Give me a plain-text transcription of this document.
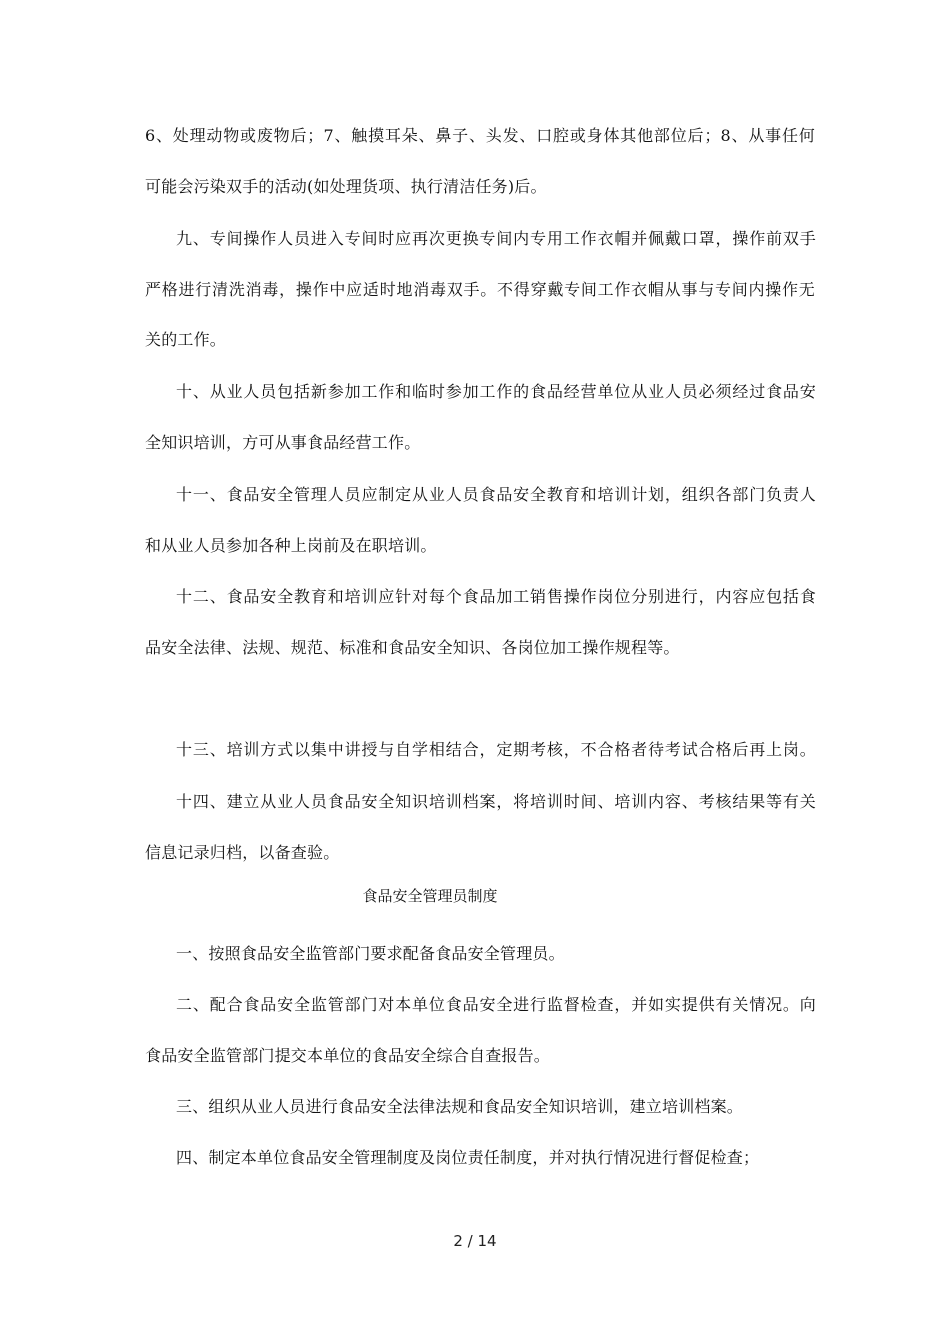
6、处理动物或废物后；7、触摸耳朵、鼻子、头发、口腔或身体其他部位后；8、从事任何
可能会污染双手的活动(如处理货项、执行清洁任务)后。
九、专间操作人员进入专间时应再次更换专间内专用工作衣帽并佩戴口罩，操作前双手
严格进行清洗消毒，操作中应适时地消毒双手。不得穿戴专间工作衣帽从事与专间内操作无
关的工作。
十、从业人员包括新参加工作和临时参加工作的食品经营单位从业人员必须经过食品安
全知识培训，方可从事食品经营工作。
十一、食品安全管理人员应制定从业人员食品安全教育和培训计划，组织各部门负责人
和从业人员参加各种上岗前及在职培训。
十二、食品安全教育和培训应针对每个食品加工销售操作岗位分别进行，内容应包括食
品安全法律、法规、规范、标准和食品安全知识、各岗位加工操作规程等。
十三、培训方式以集中讲授与自学相结合，定期考核，不合格者待考试合格后再上岗。
十四、建立从业人员食品安全知识培训档案，将培训时间、培训内容、考核结果等有关
信息记录归档，以备查验。
食品安全管理员制度
一、按照食品安全监管部门要求配备食品安全管理员。
二、配合食品安全监管部门对本单位食品安全进行监督检查，并如实提供有关情况。向
食品安全监管部门提交本单位的食品安全综合自查报告。
三、组织从业人员进行食品安全法律法规和食品安全知识培训，建立培训档案。
四、制定本单位食品安全管理制度及岗位责任制度，并对执行情况进行督促检查；
2 / 14
